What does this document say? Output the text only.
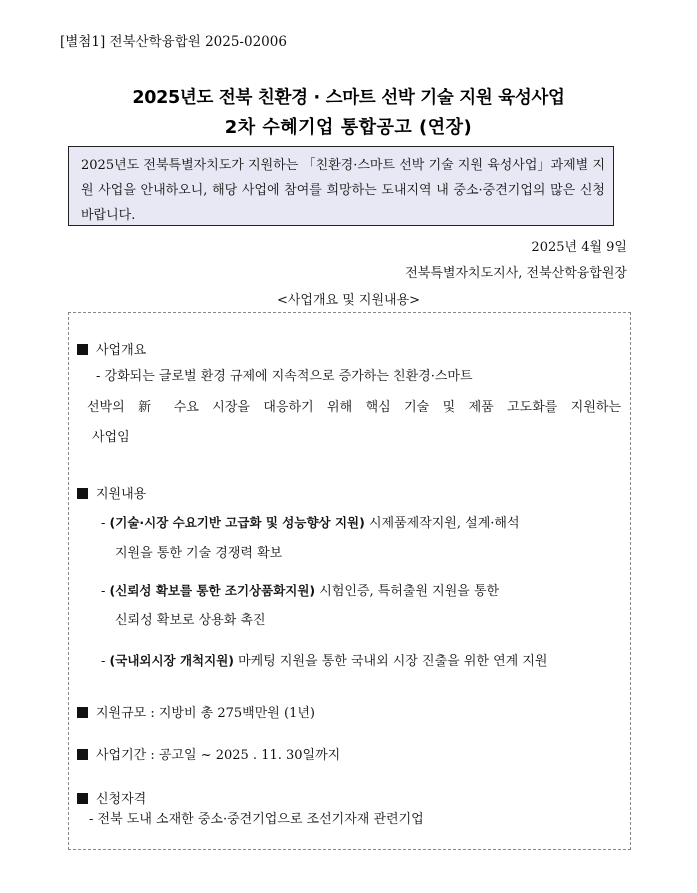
[별첨1] 전북산학융합원 2025-02006
2025년도 전북 친환경 · 스마트 선박 기술 지원 육성사업
2차 수혜기업 통합공고 (연장)
2025년도 전북특별자치도가 지원하는 「친환경·스마트 선박 기술 지원 육성사업」과제별 지원 사업을 안내하오니, 해당 사업에 참여를 희망하는 도내지역 내 중소·중견기업의 많은 신청 바랍니다.
2025년 4월 9일
전북특별자치도지사, 전북산학융합원장
<사업개요 및 지원내용>
사업개요
- 강화되는 글로벌 환경 규제에 지속적으로 증가하는 친환경·스마트
선박의 新 수요 시장을 대응하기 위해 핵심 기술 및 제품 고도화를 지원하는
사업임
지원내용
- (기술·시장 수요기반 고급화 및 성능향상 지원) 시제품제작지원, 설계·해석
지원을 통한 기술 경쟁력 확보
- (신뢰성 확보를 통한 조기상품화지원) 시험인증, 특허출원 지원을 통한
신뢰성 확보로 상용화 촉진
- (국내외시장 개척지원) 마케팅 지원을 통한 국내외 시장 진출을 위한 연계 지원
지원규모 : 지방비 총 275백만원 (1년)
사업기간 : 공고일 ~ 2025 . 11. 30일까지
신청자격
- 전북 도내 소재한 중소·중견기업으로 조선기자재 관련기업
